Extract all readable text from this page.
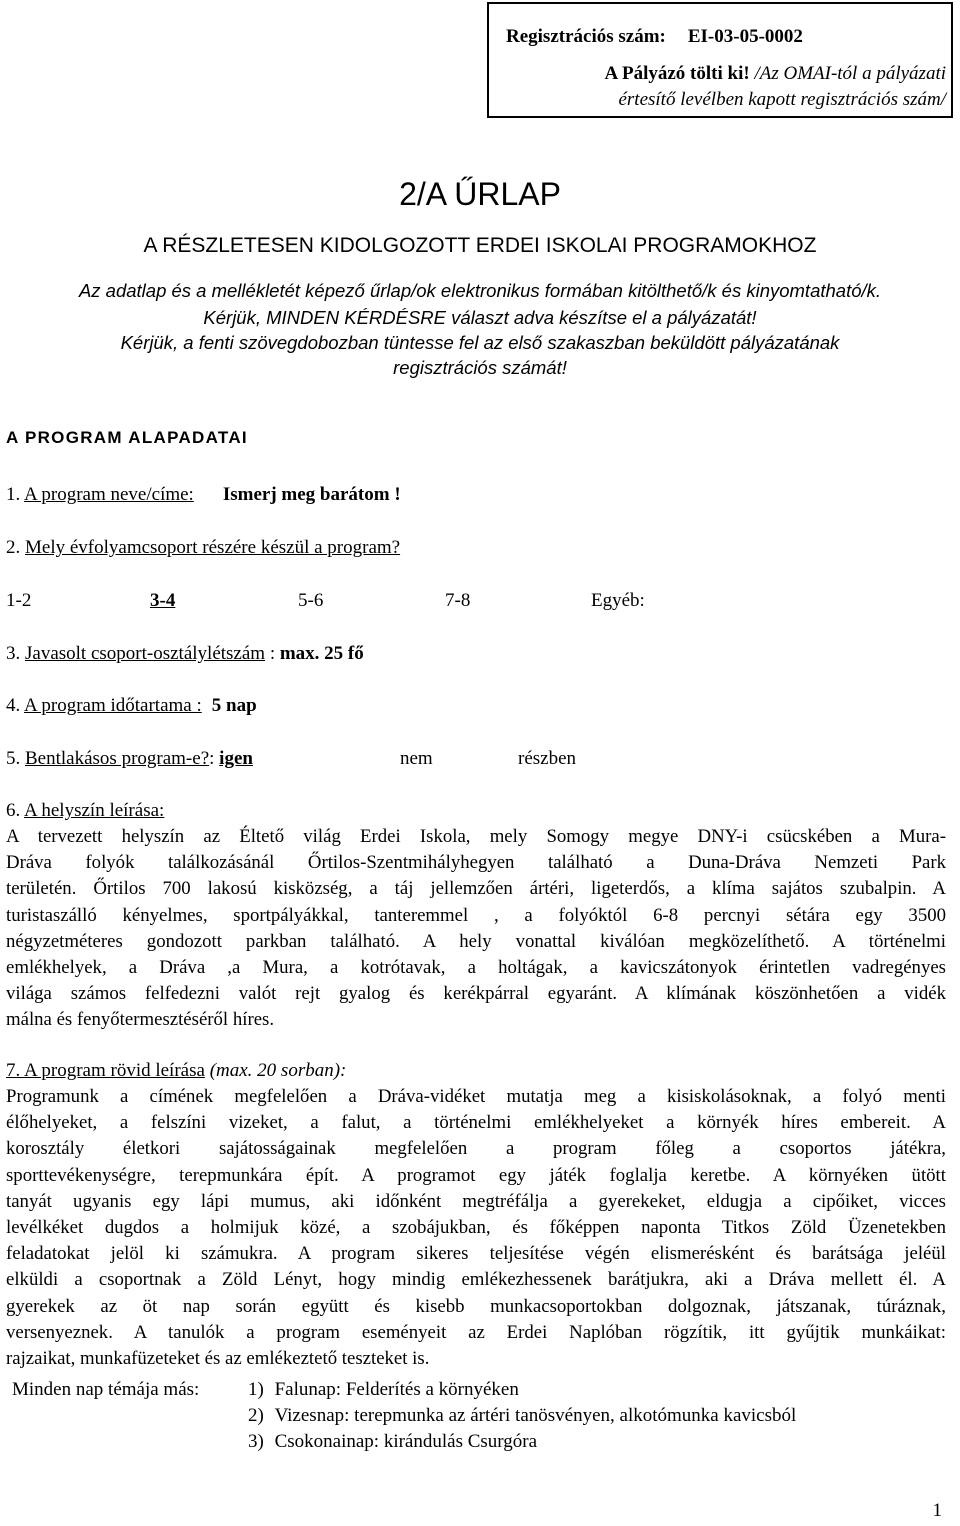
Regisztrációs szám: EI-03-05-0002
A Pályázó tölti ki! /Az OMAI-tól a pályázati
értesítő levélben kapott regisztrációs szám/
2/A ŰRLAP
A RÉSZLETESEN KIDOLGOZOTT ERDEI ISKOLAI PROGRAMOKHOZ
Az adatlap és a mellékletét képező űrlap/ok elektronikus formában kitölthető/k és kinyomtatható/k.
Kérjük, MINDEN KÉRDÉSRE választ adva készítse el a pályázatát!
Kérjük, a fenti szövegdobozban tüntesse fel az első szakaszban beküldött pályázatának
regisztrációs számát!
A PROGRAM ALAPADATAI
1. A program neve/címe: Ismerj meg barátom !
2. Mely évfolyamcsoport részére készül a program?
1-2	3-4	5-6	7-8	Egyéb:
3. Javasolt csoport-osztálylétszám : max. 25 fő
4. A program időtartama : 5 nap
5. Bentlakásos program-e?: igen	nem	részben
6. A helyszín leírása:
A tervezett helyszín az Éltető világ Erdei Iskola, mely Somogy megye DNY-i csücskében a Mura-
Dráva folyók találkozásánál Őrtilos-Szentmihályhegyen található a Duna-Dráva Nemzeti Park
területén. Őrtilos 700 lakosú kisközség, a táj jellemzően ártéri, ligeterdős, a klíma sajátos szubalpin. A
turistaszálló kényelmes, sportpályákkal, tanteremmel , a folyóktól 6-8 percnyi sétára egy 3500
négyzetméteres gondozott parkban található. A hely vonattal kiválóan megközelíthető. A történelmi
emlékhelyek, a Dráva ,a Mura, a kotrótavak, a holtágak, a kavicszátonyok érintetlen vadregényes
világa számos felfedezni valót rejt gyalog és kerékpárral egyaránt. A klímának köszönhetően a vidék
málna és fenyőtermesztéséről híres.
7. A program rövid leírása (max. 20 sorban):
Programunk a címének megfelelően a Dráva-vidéket mutatja meg a kisiskolásoknak, a folyó menti
élőhelyeket, a felszíni vizeket, a falut, a történelmi emlékhelyeket a környék híres embereit. A
korosztály életkori sajátosságainak megfelelően a program főleg a csoportos játékra,
sporttevékenységre, terepmunkára épít. A programot egy játék foglalja keretbe. A környéken ütött
tanyát ugyanis egy lápi mumus, aki időnként megtréfálja a gyerekeket, eldugja a cipőiket, vicces
levélkéket dugdos a holmijuk közé, a szobájukban, és főképpen naponta Titkos Zöld Üzenetekben
feladatokat jelöl ki számukra. A program sikeres teljesítése végén elismerésként és barátsága jeléül
elküldi a csoportnak a Zöld Lényt, hogy mindig emlékezhessenek barátjukra, aki a Dráva mellett él. A
gyerekek az öt nap során együtt és kisebb munkacsoportokban dolgoznak, játszanak, túráznak,
versenyeznek. A tanulók a program eseményeit az Erdei Naplóban rögzítik, itt gyűjtik munkáikat:
rajzaikat, munkafüzeteket és az emlékeztető teszteket is.
Minden nap témája más:	1) Falunap: Felderítés a környéken
2) Vizesnap: terepmunka az ártéri tanösvényen, alkotómunka kavicsból
3) Csokonainap: kirándulás Csurgóra
1
